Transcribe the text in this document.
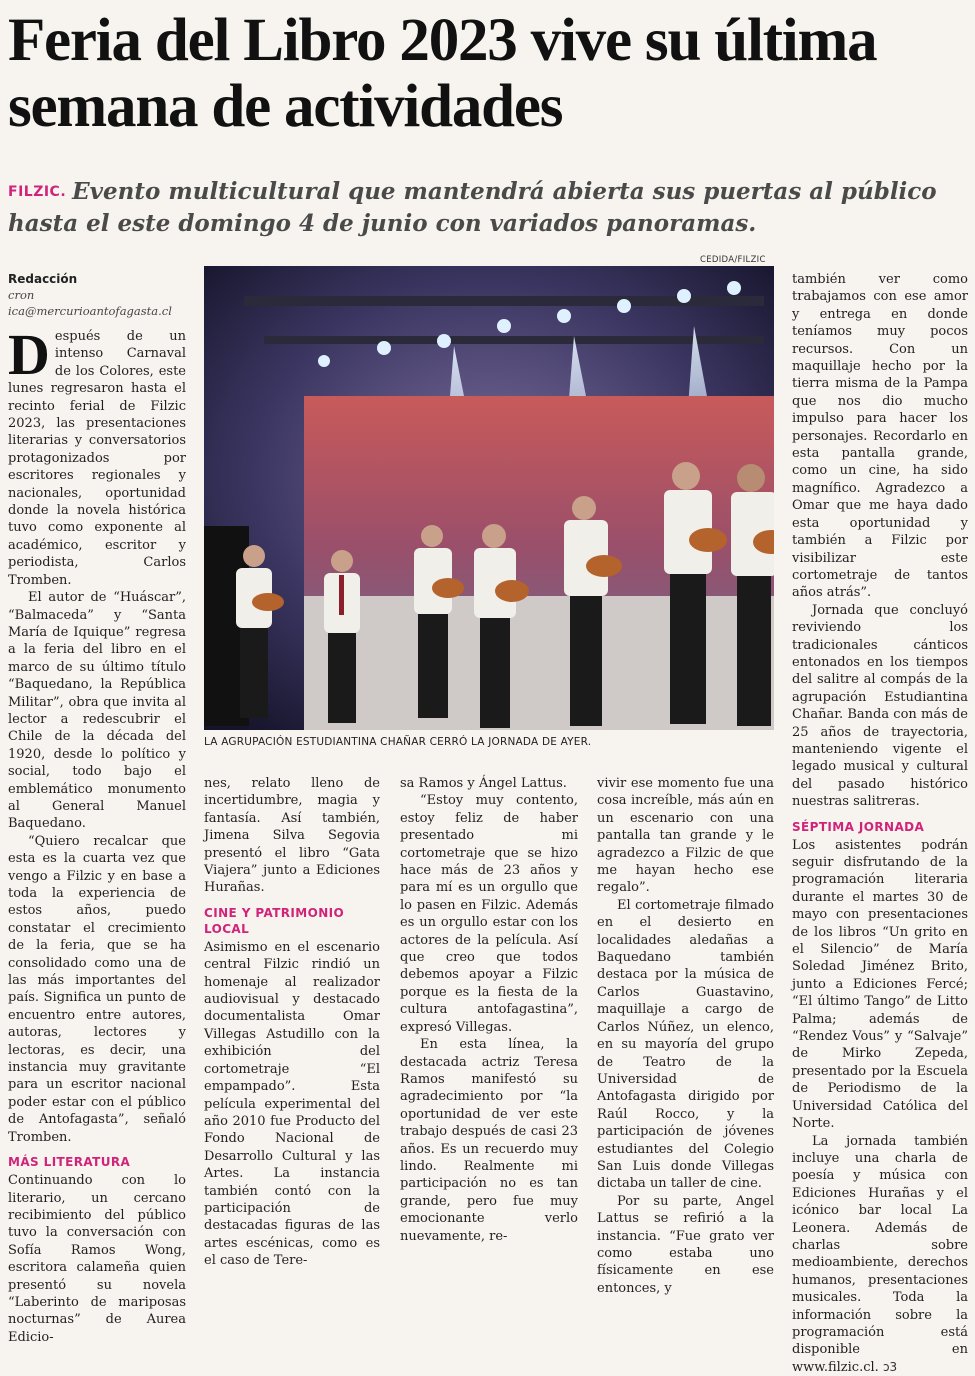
Feria del Libro 2023 vive su última semana de actividades
FILZIC. Evento multicultural que mantendrá abierta sus puertas al público hasta el este domingo 4 de junio con variados panoramas.
Redacción
cron ica@mercurioantofagasta.cl

Después de un intenso Carnaval de los Colores, este lunes regresaron hasta el recinto ferial de Filzic 2023, las presentaciones literarias y conversatorios protagonizados por escritores regionales y nacionales, oportunidad donde la novela histórica tuvo como exponente al académico, escritor y periodista, Carlos Tromben.

El autor de “Huáscar”, “Balmaceda” y “Santa María de Iquique” regresa a la feria del libro en el marco de su último título “Baquedano, la República Militar”, obra que invita al lector a redescubrir el Chile de la década del 1920, desde lo político y social, todo bajo el emblemático monumento al General Manuel Baquedano.

“Quiero recalcar que esta es la cuarta vez que vengo a Filzic y en base a toda la experiencia de estos años, puedo constatar el crecimiento de la feria, que se ha consolidado como una de las más importantes del país. Significa un punto de encuentro entre autores, autoras, lectores y lectoras, es decir, una instancia muy gravitante para un escritor nacional poder estar con el público de Antofagasta”, señaló Tromben.

MÁS LITERATURA

Continuando con lo literario, un cercano recibimiento del público tuvo la conversación con Sofía Ramos Wong, escritora calameña quien presentó su novela “Laberinto de mariposas nocturnas” de Aurea Edicio-

CEDIDA/FILZIC
LA AGRUPACIÓN ESTUDIANTINA CHAÑAR CERRÓ LA JORNADA DE AYER.

nes, relato lleno de incertidumbre, magia y fantasía. Así también, Jimena Silva Segovia presentó el libro “Gata Viajera” junto a Ediciones Hurañas.

CINE Y PATRIMONIO LOCAL

Asimismo en el escenario central Filzic rindió un homenaje al realizador audiovisual y destacado documentalista Omar Villegas Astudillo con la exhibición del cortometraje “El empampado”. Esta película experimental del año 2010 fue Producto del Fondo Nacional de Desarrollo Cultural y las Artes. La instancia también contó con la participación de destacadas figuras de las artes escénicas, como es el caso de Tere-

sa Ramos y Ángel Lattus.

“Estoy muy contento, estoy feliz de haber presentado mi cortometraje que se hizo hace más de 23 años y para mí es un orgullo que lo pasen en Filzic. Además es un orgullo estar con los actores de la película. Así que creo que todos debemos apoyar a Filzic porque es la fiesta de la cultura antofagastina”, expresó Villegas.

En esta línea, la destacada actriz Teresa Ramos manifestó su agradecimiento por “la oportunidad de ver este trabajo después de casi 23 años. Es un recuerdo muy lindo. Realmente mi participación no es tan grande, pero fue muy emocionante verlo nuevamente, re-

vivir ese momento fue una cosa increíble, más aún en un escenario con una pantalla tan grande y le agradezco a Filzic de que me hayan hecho ese regalo”.

El cortometraje filmado en el desierto en localidades aledañas a Baquedano también destaca por la música de Carlos Guastavino, maquillaje a cargo de Carlos Núñez, un elenco, en su mayoría del grupo de Teatro de la Universidad de Antofagasta dirigido por Raúl Rocco, y la participación de jóvenes estudiantes del Colegio San Luis donde Villegas dictaba un taller de cine.

Por su parte, Angel Lattus se refirió a la instancia. “Fue grato ver como estaba uno físicamente en ese entonces, y

también ver como trabajamos con ese amor y entrega en donde teníamos muy pocos recursos. Con un maquillaje hecho por la tierra misma de la Pampa que nos dio mucho impulso para hacer los personajes. Recordarlo en esta pantalla grande, como un cine, ha sido magnífico. Agradezco a Omar que me haya dado esta oportunidad y también a Filzic por visibilizar este cortometraje de tantos años atrás”.

Jornada que concluyó reviviendo los tradicionales cánticos entonados en los tiempos del salitre al compás de la agrupación Estudiantina Chañar. Banda con más de 25 años de trayectoria, manteniendo vigente el legado musical y cultural del pasado histórico nuestras salitreras.

SÉPTIMA JORNADA

Los asistentes podrán seguir disfrutando de la programación literaria durante el martes 30 de mayo con presentaciones de los libros “Un grito en el Silencio” de María Soledad Jiménez Brito, junto a Ediciones Fercé; “El último Tango” de Litto Palma; además de “Rendez Vous” y “Salvaje” de Mirko Zepeda, presentado por la Escuela de Periodismo de la Universidad Católica del Norte.

La jornada también incluye una charla de poesía y música con Ediciones Hurañas y el icónico bar local La Leonera. Además de charlas sobre medioambiente, derechos humanos, presentaciones musicales. Toda la información sobre la programación está disponible en www.filzic.cl. ↄ3
